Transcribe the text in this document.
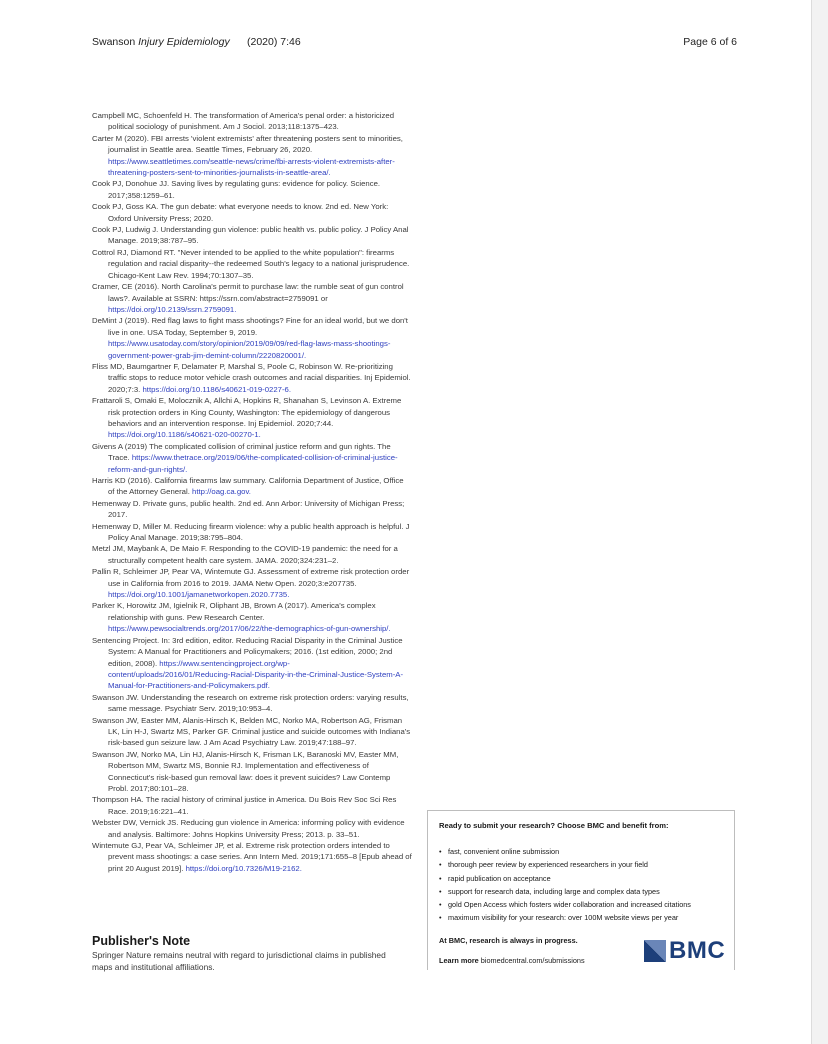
Swanson Injury Epidemiology (2020) 7:46	Page 6 of 6
Campbell MC, Schoenfeld H. The transformation of America's penal order: a historicized political sociology of punishment. Am J Sociol. 2013;118:1375–423.
Carter M (2020). FBI arrests 'violent extremists' after threatening posters sent to minorities, journalist in Seattle area. Seattle Times, February 26, 2020. https://www.seattletimes.com/seattle-news/crime/fbi-arrests-violent-extremists-after-threatening-posters-sent-to-minorities-journalists-in-seattle-area/.
Cook PJ, Donohue JJ. Saving lives by regulating guns: evidence for policy. Science. 2017;358:1259–61.
Cook PJ, Goss KA. The gun debate: what everyone needs to know. 2nd ed. New York: Oxford University Press; 2020.
Cook PJ, Ludwig J. Understanding gun violence: public health vs. public policy. J Policy Anal Manage. 2019;38:787–95.
Cottrol RJ, Diamond RT. "Never intended to be applied to the white population": firearms regulation and racial disparity--the redeemed South's legacy to a national jurisprudence. Chicago-Kent Law Rev. 1994;70:1307–35.
Cramer, CE (2016). North Carolina's permit to purchase law: the rumble seat of gun control laws?. Available at SSRN: https://ssrn.com/abstract=2759091 or https://doi.org/10.2139/ssrn.2759091.
DeMint J (2019). Red flag laws to fight mass shootings? Fine for an ideal world, but we don't live in one. USA Today, September 9, 2019. https://www.usatoday.com/story/opinion/2019/09/09/red-flag-laws-mass-shootings-government-power-grab-jim-demint-column/2220820001/.
Fliss MD, Baumgartner F, Delamater P, Marshal S, Poole C, Robinson W. Re-prioritizing traffic stops to reduce motor vehicle crash outcomes and racial disparities. Inj Epidemiol. 2020;7:3. https://doi.org/10.1186/s40621-019-0227-6.
Frattaroli S, Omaki E, Molocznik A, Allchi A, Hopkins R, Shanahan S, Levinson A. Extreme risk protection orders in King County, Washington: The epidemiology of dangerous behaviors and an intervention response. Inj Epidemiol. 2020;7:44. https://doi.org/10.1186/s40621-020-00270-1.
Givens A (2019) The complicated collision of criminal justice reform and gun rights. The Trace. https://www.thetrace.org/2019/06/the-complicated-collision-of-criminal-justice-reform-and-gun-rights/.
Harris KD (2016). California firearms law summary. California Department of Justice, Office of the Attorney General. http://oag.ca.gov.
Hemenway D. Private guns, public health. 2nd ed. Ann Arbor: University of Michigan Press; 2017.
Hemenway D, Miller M. Reducing firearm violence: why a public health approach is helpful. J Policy Anal Manage. 2019;38:795–804.
Metzl JM, Maybank A, De Maio F. Responding to the COVID-19 pandemic: the need for a structurally competent health care system. JAMA. 2020;324:231–2.
Pallin R, Schleimer JP, Pear VA, Wintemute GJ. Assessment of extreme risk protection order use in California from 2016 to 2019. JAMA Netw Open. 2020;3:e207735. https://doi.org/10.1001/jamanetworkopen.2020.7735.
Parker K, Horowitz JM, Igielnik R, Oliphant JB, Brown A (2017). America's complex relationship with guns. Pew Research Center. https://www.pewsocialtrends.org/2017/06/22/the-demographics-of-gun-ownership/.
Sentencing Project. In: 3rd edition, editor. Reducing Racial Disparity in the Criminal Justice System: A Manual for Practitioners and Policymakers; 2016. (1st edition, 2000; 2nd edition, 2008). https://www.sentencingproject.org/wp-content/uploads/2016/01/Reducing-Racial-Disparity-in-the-Criminal-Justice-System-A-Manual-for-Practitioners-and-Policymakers.pdf.
Swanson JW. Understanding the research on extreme risk protection orders: varying results, same message. Psychiatr Serv. 2019;10:953–4.
Swanson JW, Easter MM, Alanis-Hirsch K, Belden MC, Norko MA, Robertson AG, Frisman LK, Lin H-J, Swartz MS, Parker GF. Criminal justice and suicide outcomes with Indiana's risk-based gun seizure law. J Am Acad Psychiatry Law. 2019;47:188–97.
Swanson JW, Norko MA, Lin HJ, Alanis-Hirsch K, Frisman LK, Baranoski MV, Easter MM, Robertson MM, Swartz MS, Bonnie RJ. Implementation and effectiveness of Connecticut's risk-based gun removal law: does it prevent suicides? Law Contemp Probl. 2017;80:101–28.
Thompson HA. The racial history of criminal justice in America. Du Bois Rev Soc Sci Res Race. 2019;16:221–41.
Webster DW, Vernick JS. Reducing gun violence in America: informing policy with evidence and analysis. Baltimore: Johns Hopkins University Press; 2013. p. 33–51.
Wintemute GJ, Pear VA, Schleimer JP, et al. Extreme risk protection orders intended to prevent mass shootings: a case series. Ann Intern Med. 2019;171:655–8 [Epub ahead of print 20 August 2019]. https://doi.org/10.7326/M19-2162.
Publisher's Note
Springer Nature remains neutral with regard to jurisdictional claims in published maps and institutional affiliations.
Ready to submit your research? Choose BMC and benefit from:
• fast, convenient online submission
• thorough peer review by experienced researchers in your field
• rapid publication on acceptance
• support for research data, including large and complex data types
• gold Open Access which fosters wider collaboration and increased citations
• maximum visibility for your research: over 100M website views per year
At BMC, research is always in progress.
Learn more biomedcentral.com/submissions	BMC
